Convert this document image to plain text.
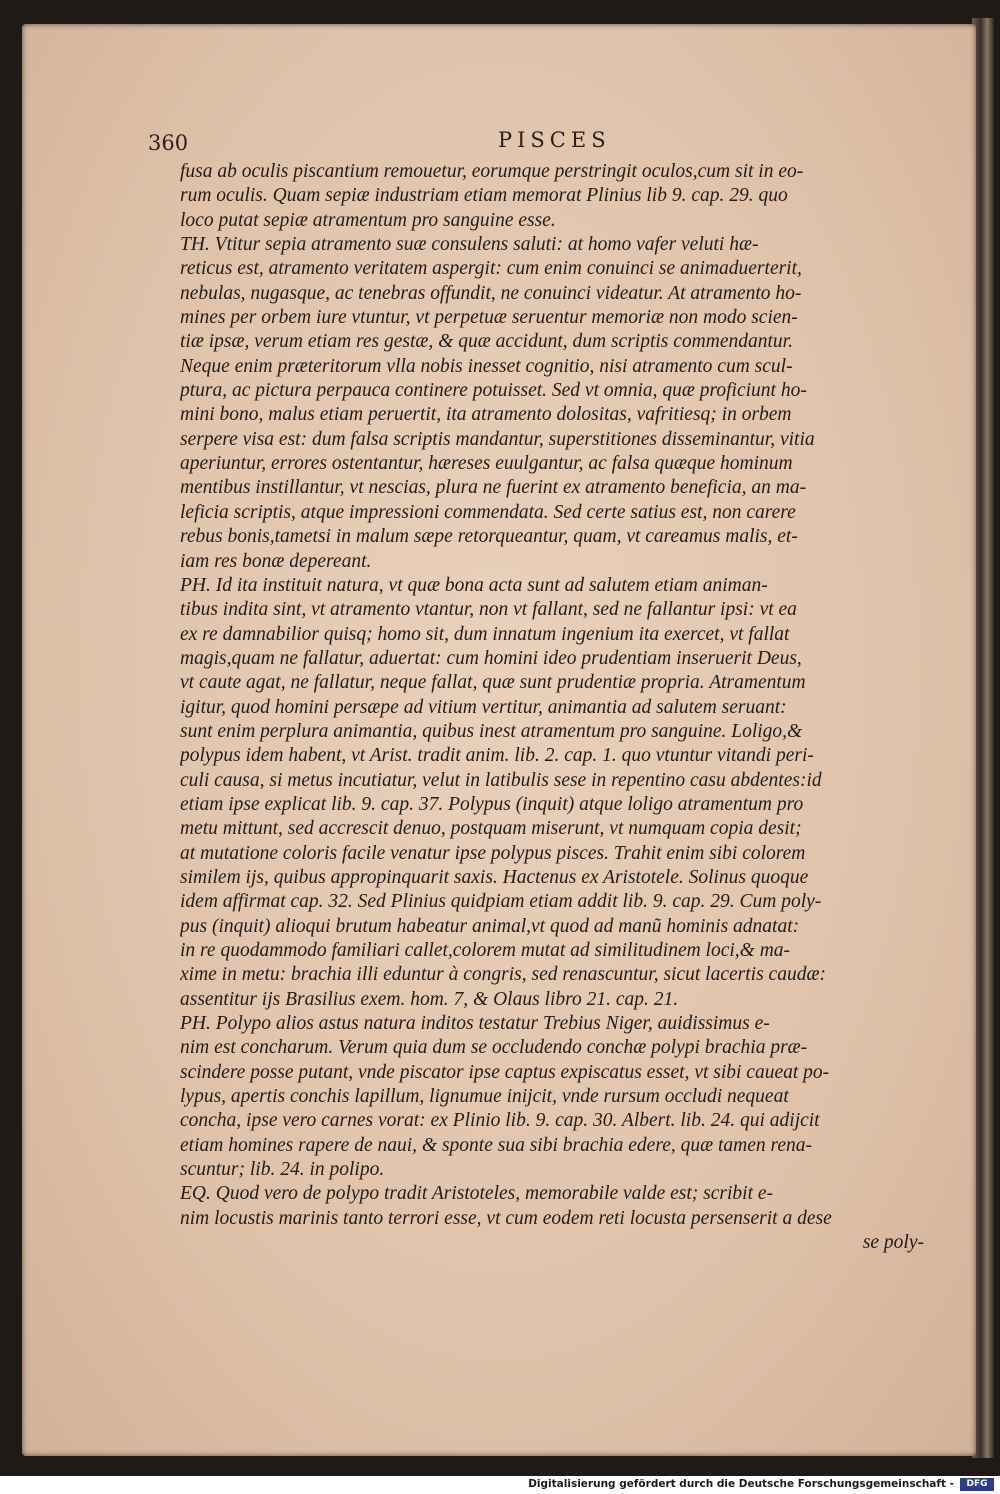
360	PISCES
fusa ab oculis piscantium remouetur, eorumque perstringit oculos,cum sit in eo-
rum oculis. Quam sepiæ industriam etiam memorat Plinius lib 9. cap. 29. quo
loco putat sepiæ atramentum pro sanguine esse.
TH. Vtitur sepia atramento suæ consulens saluti: at homo vafer veluti hæ-
reticus est, atramento veritatem aspergit: cum enim conuinci se animaduerterit,
nebulas, nugasque, ac tenebras offundit, ne conuinci videatur. At atramento ho-
mines per orbem iure vtuntur, vt perpetuæ seruentur memoriæ non modo scien-
tiæ ipsæ, verum etiam res gestæ, & quæ accidunt, dum scriptis commendantur.
Neque enim præteritorum vlla nobis inesset cognitio, nisi atramento cum scul-
ptura, ac pictura perpauca continere potuisset. Sed vt omnia, quæ proficiunt ho-
mini bono, malus etiam peruertit, ita atramento dolositas, vafritiesq; in orbem
serpere visa est: dum falsa scriptis mandantur, superstitiones disseminantur, vitia
aperiuntur, errores ostentantur, hæreses euulgantur, ac falsa quæque hominum
mentibus instillantur, vt nescias, plura ne fuerint ex atramento beneficia, an ma-
leficia scriptis, atque impressioni commendata. Sed certe satius est, non carere
rebus bonis,tametsi in malum sæpe retorqueantur, quam, vt careamus malis, et-
iam res bonæ depereant.
PH. Id ita instituit natura, vt quæ bona acta sunt ad salutem etiam animan-
tibus indita sint, vt atramento vtantur, non vt fallant, sed ne fallantur ipsi: vt ea
ex re damnabilior quisq; homo sit, dum innatum ingenium ita exercet, vt fallat
magis,quam ne fallatur, aduertat: cum homini ideo prudentiam inseruerit Deus,
vt caute agat, ne fallatur, neque fallat, quæ sunt prudentiæ propria. Atramentum
igitur, quod homini persæpe ad vitium vertitur, animantia ad salutem seruant:
sunt enim perplura animantia, quibus inest atramentum pro sanguine. Loligo,&
polypus idem habent, vt Arist. tradit anim. lib. 2. cap. 1. quo vtuntur vitandi peri-
culi causa, si metus incutiatur, velut in latibulis sese in repentino casu abdentes:id
etiam ipse explicat lib. 9. cap. 37. Polypus (inquit) atque loligo atramentum pro
metu mittunt, sed accrescit denuo, postquam miserunt, vt numquam copia desit;
at mutatione coloris facile venatur ipse polypus pisces. Trahit enim sibi colorem
similem ijs, quibus appropinquarit saxis. Hactenus ex Aristotele. Solinus quoque
idem affirmat cap. 32. Sed Plinius quidpiam etiam addit lib. 9. cap. 29. Cum poly-
pus (inquit) alioqui brutum habeatur animal,vt quod ad manũ hominis adnatat:
in re quodammodo familiari callet,colorem mutat ad similitudinem loci,& ma-
xime in metu: brachia illi eduntur à congris, sed renascuntur, sicut lacertis caudæ:
assentitur ijs Brasilius exem. hom. 7, & Olaus libro 21. cap. 21.
PH. Polypo alios astus natura inditos testatur Trebius Niger, auidissimus e-
nim est concharum. Verum quia dum se occludendo conchæ polypi brachia præ-
scindere posse putant, vnde piscator ipse captus expiscatus esset, vt sibi caueat po-
lypus, apertis conchis lapillum, lignumue inijcit, vnde rursum occludi nequeat
concha, ipse vero carnes vorat: ex Plinio lib. 9. cap. 30. Albert. lib. 24. qui adijcit
etiam homines rapere de naui, & sponte sua sibi brachia edere, quæ tamen rena-
scuntur; lib. 24. in polipo.
EQ. Quod vero de polypo tradit Aristoteles, memorabile valde est; scribit e-
nim locustis marinis tanto terrori esse, vt cum eodem reti locusta persenserit a dese
se poly-
Digitalisierung gefördert durch die Deutsche Forschungsgemeinschaft -	DFG
